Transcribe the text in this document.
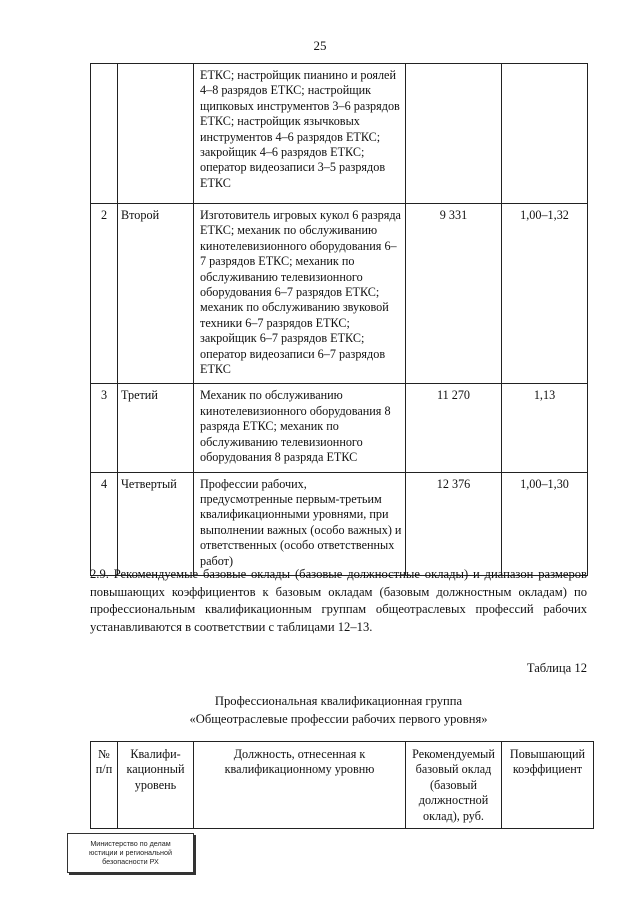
25
		ЕТКС; настройщик пианино и роялей 4–8 разрядов ЕТКС; настройщик щипковых инструментов 3–6 разрядов ЕТКС; настройщик язычковых инструментов 4–6 разрядов ЕТКС; закройщик 4–6 разрядов ЕТКС; оператор видеозаписи 3–5 разрядов ЕТКС		
2	Второй	Изготовитель игровых кукол 6 разряда ЕТКС; механик по обслуживанию кинотелевизионного оборудования 6–7 разрядов ЕТКС; механик по обслуживанию телевизионного оборудования 6–7 разрядов ЕТКС; механик по обслуживанию звуковой техники 6–7 разрядов ЕТКС; закройщик 6–7 разрядов ЕТКС; оператор видеозаписи 6–7 разрядов ЕТКС	9 331	1,00–1,32
3	Третий	Механик по обслуживанию кинотелевизионного оборудования 8 разряда ЕТКС; механик по обслуживанию телевизионного оборудования 8 разряда ЕТКС	11 270	1,13
4	Четвертый	Профессии рабочих, предусмотренные первым-третьим квалификационными уровнями, при выполнении важных (особо важных) и ответственных (особо ответственных работ)	12 376	1,00–1,30

2.9. Рекомендуемые базовые оклады (базовые должностные оклады) и диапазон размеров повышающих коэффициентов к базовым окладам (базовым должностным окладам) по профессиональным квалификационным группам общеотраслевых профессий рабочих устанавливаются в соответствии с таблицами 12–13.

Таблица 12
Профессиональная квалификационная группа
«Общеотраслевые профессии рабочих первого уровня»
№ п/п	Квалифи-кационный уровень	Должность, отнесенная к квалификационному уровню	Рекомендуемый базовый оклад (базовый должностной оклад), руб.	Повышающий коэффициент
Министерство по делам
юстиции и региональной
безопасности РХ
